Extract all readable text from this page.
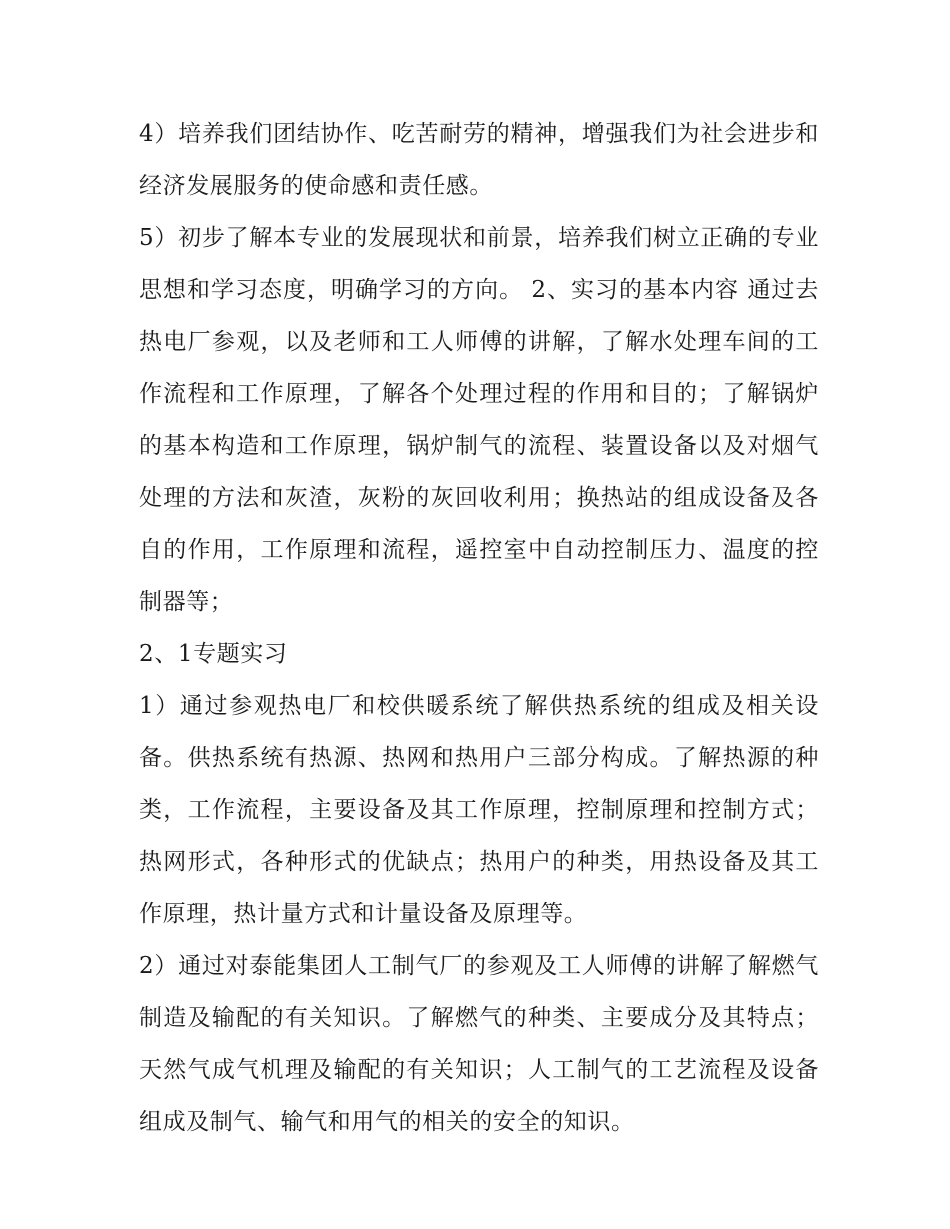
4）培养我们团结协作、吃苦耐劳的精神，增强我们为社会进步和经济发展服务的使命感和责任感。

5）初步了解本专业的发展现状和前景，培养我们树立正确的专业思想和学习态度，明确学习的方向。 2、实习的基本内容 通过去热电厂参观，以及老师和工人师傅的讲解，了解水处理车间的工作流程和工作原理，了解各个处理过程的作用和目的；了解锅炉的基本构造和工作原理，锅炉制气的流程、装置设备以及对烟气处理的方法和灰渣，灰粉的灰回收利用；换热站的组成设备及各自的作用，工作原理和流程，遥控室中自动控制压力、温度的控制器等；

2、1专题实习

1）通过参观热电厂和校供暖系统了解供热系统的组成及相关设备。供热系统有热源、热网和热用户三部分构成。了解热源的种类，工作流程，主要设备及其工作原理，控制原理和控制方式；热网形式，各种形式的优缺点；热用户的种类，用热设备及其工作原理，热计量方式和计量设备及原理等。

2）通过对泰能集团人工制气厂的参观及工人师傅的讲解了解燃气制造及输配的有关知识。了解燃气的种类、主要成分及其特点；天然气成气机理及输配的有关知识；人工制气的工艺流程及设备组成及制气、输气和用气的相关的安全的知识。
